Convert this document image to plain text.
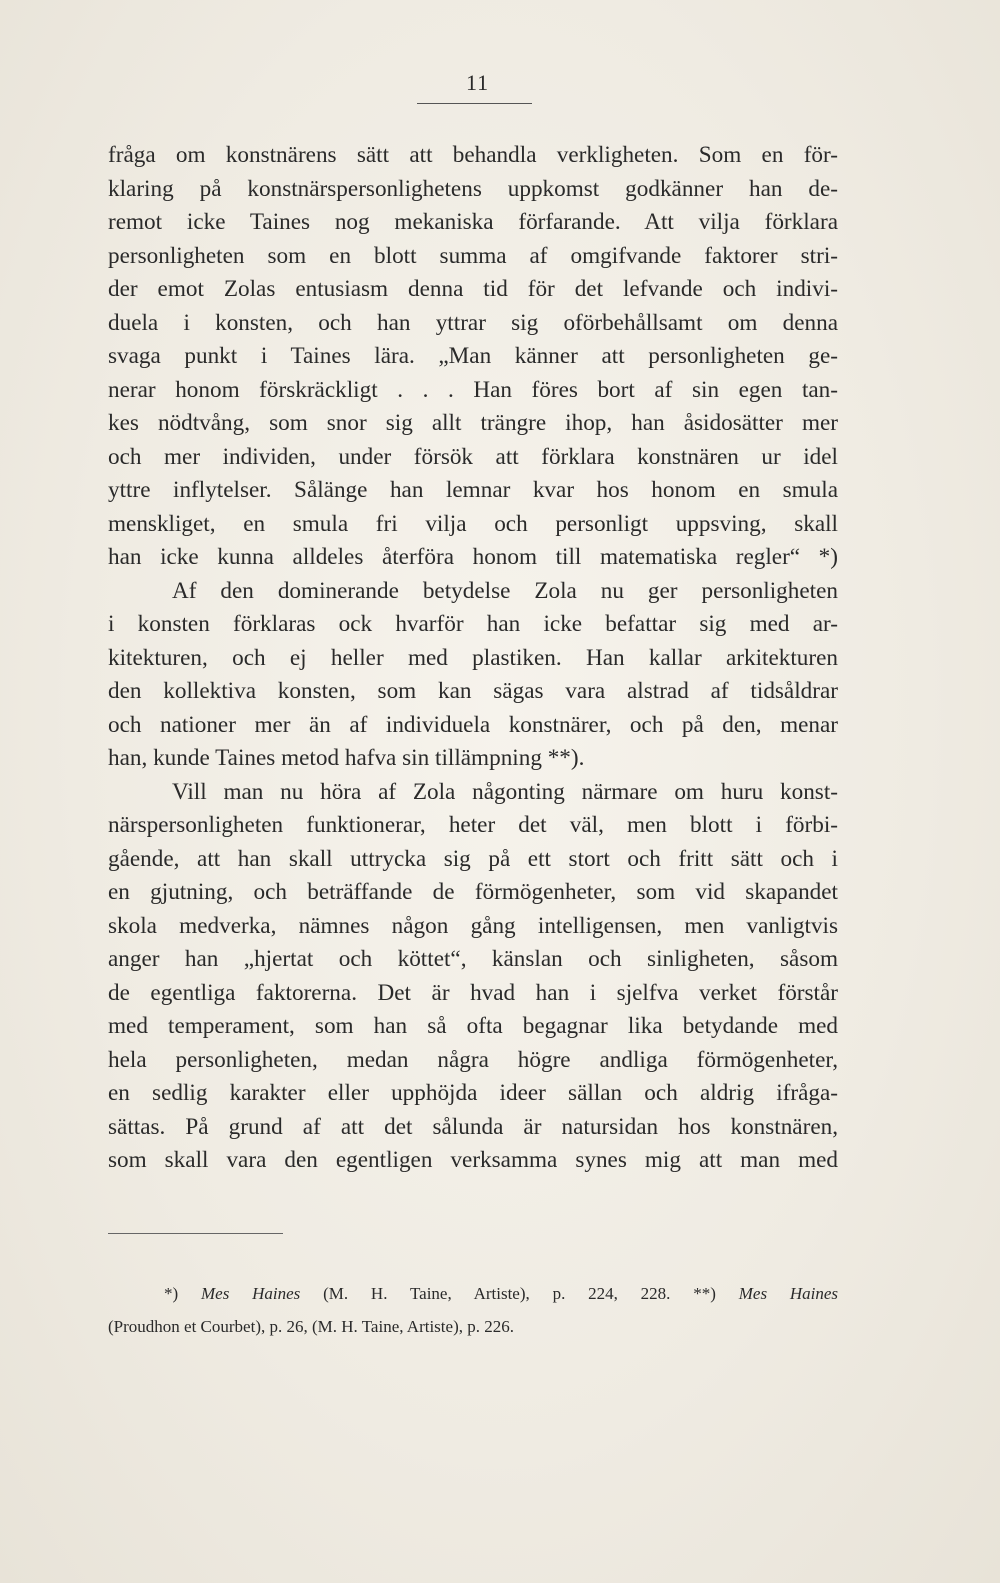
11
fråga om konstnärens sätt att behandla verkligheten. Som en för-
klaring på konstnärspersonlighetens uppkomst godkänner han de-
remot icke Taines nog mekaniska förfarande. Att vilja förklara
personligheten som en blott summa af omgifvande faktorer stri-
der emot Zolas entusiasm denna tid för det lefvande och indivi-
duela i konsten, och han yttrar sig oförbehållsamt om denna
svaga punkt i Taines lära. „Man känner att personligheten ge-
nerar honom förskräckligt . . . Han föres bort af sin egen tan-
kes nödtvång, som snor sig allt trängre ihop, han åsidosätter mer
och mer individen, under försök att förklara konstnären ur idel
yttre inflytelser. Sålänge han lemnar kvar hos honom en smula
menskliget, en smula fri vilja och personligt uppsving, skall
han icke kunna alldeles återföra honom till matematiska regler“ *)
Af den dominerande betydelse Zola nu ger personligheten
i konsten förklaras ock hvarför han icke befattar sig med ar-
kitekturen, och ej heller med plastiken. Han kallar arkitekturen
den kollektiva konsten, som kan sägas vara alstrad af tidsåldrar
och nationer mer än af individuela konstnärer, och på den, menar
han, kunde Taines metod hafva sin tillämpning **).
Vill man nu höra af Zola någonting närmare om huru konst-
närspersonligheten funktionerar, heter det väl, men blott i förbi-
gående, att han skall uttrycka sig på ett stort och fritt sätt och i
en gjutning, och beträffande de förmögenheter, som vid skapandet
skola medverka, nämnes någon gång intelligensen, men vanligtvis
anger han „hjertat och köttet“, känslan och sinligheten, såsom
de egentliga faktorerna. Det är hvad han i sjelfva verket förstår
med temperament, som han så ofta begagnar lika betydande med
hela personligheten, medan några högre andliga förmögenheter,
en sedlig karakter eller upphöjda ideer sällan och aldrig ifråga-
sättas. På grund af att det sålunda är natursidan hos konstnären,
som skall vara den egentligen verksamma synes mig att man med
*) Mes Haines (M. H. Taine, Artiste), p. 224, 228. **) Mes Haines
(Proudhon et Courbet), p. 26, (M. H. Taine, Artiste), p. 226.
